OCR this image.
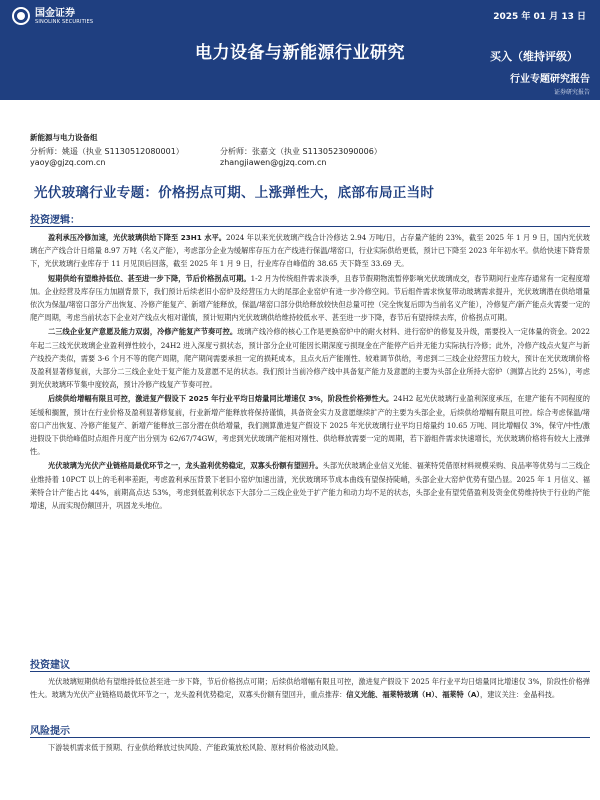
国金证券
SINOLINK SECURITIES	2025 年 01 月 13 日
电力设备与新能源行业研究	买入（维持评级）
行业专题研究报告
证券研究报告
新能源与电力设备组
分析师：姚遥（执业 S1130512080001）	分析师：张嘉文（执业 S1130523090006）
yaoy@gjzq.com.cn	zhangjiawen@gjzq.com.cn
光伏玻璃行业专题：价格拐点可期、上涨弹性大，底部布局正当时
投资逻辑：

盈利承压冷修加速，光伏玻璃供给下降至 23H1 水平。2024 年以来光伏玻璃产线合计冷修达 2.94 万吨/日，占存量产能的 23%，截至 2025 年 1 月 9 日，国内光伏玻璃在产产线合计日熔量 8.97 万吨（名义产能），考虑部分企业为缓解库存压力在产线进行保温/堵窑口，行业实际供给更低，预计已下降至 2023 年年初水平。供给快速下降背景下，光伏玻璃行业库存于 11 月见顶后回落，截至 2025 年 1 月 9 日，行业库存自峰值的 38.65 天下降至 33.69 天。

短期供给有望维持低位、甚至进一步下降，节后价格拐点可期。1-2 月为传统组件需求淡季，且春节假期物流暂停影响光伏玻璃成交，春节期间行业库存通常有一定程度增加。企业经营及库存压力加剧背景下，我们预计后续老旧小窑炉及经营压力大的尾部企业窑炉有进一步冷修空间。节后组件需求恢复带动玻璃需求提升，光伏玻璃潜在供给增量依次为保温/堵窑口部分产出恢复、冷修产能复产、新增产能释放，保温/堵窑口部分供给释放较快但总量可控（完全恢复后即为当前名义产能），冷修复产/新产能点火需要一定的爬产周期，考虑当前状态下企业对产线点火相对谨慎，预计短期内光伏玻璃供给维持较低水平、甚至进一步下降，春节后有望持续去库，价格拐点可期。

二三线企业复产意愿及能力双弱，冷修产能复产节奏可控。玻璃产线冷修的核心工作是更换窑炉中的耐火材料、进行窑炉的修复及升级，需要投入一定体量的资金。2022 年起二三线光伏玻璃企业盈利弹性较小，24H2 进入深度亏损状态，预计部分企业可能因长期深度亏损现金在产能停产后并无能力实际执行冷修；此外，冷修产线点火复产与新产线投产类似，需要 3-6 个月不等的爬产周期，爬产期间需要承担一定的损耗成本，且点火后产能刚性、较难调节供给，考虑到二三线企业经营压力较大，预计在光伏玻璃价格及盈利显著修复前，大部分二三线企业处于复产能力及意愿不足的状态。我们预计当前冷修产线中具备复产能力及意愿的主要为头部企业所持大窑炉（测算占比约 25%），考虑到光伏玻璃环节集中度较高，预计冷修产线复产节奏可控。

后续供给增幅有限且可控，激进复产假设下 2025 年行业平均日熔量同比增速仅 3%，阶段性价格弹性大。24H2 起光伏玻璃行业盈利深度承压，在建产能有不同程度的延缓和搁置，预计在行业价格及盈利显著修复前，行业新增产能释放将保持谨慎，具备资金实力及意愿继续扩产的主要为头部企业，后续供给增幅有限且可控。综合考虑保温/堵窑口产出恢复、冷修产能复产、新增产能释放三部分潜在供给增量，我们测算激进复产假设下 2025 年光伏玻璃行业平均日熔量约 10.65 万吨、同比增幅仅 3%，保守/中性/激进假设下供给峰值时点组件月度产出分别为 62/67/74GW，考虑到光伏玻璃产能相对刚性、供给释放需要一定的周期，若下游组件需求快速增长，光伏玻璃价格将有较大上涨弹性。

光伏玻璃为光伏产业链格局最优环节之一，龙头盈利优势稳定，双寡头份额有望回升。头部光伏玻璃企业信义光能、福莱特凭借原材料规模采购、良品率等优势与二三线企业维持着 10PCT 以上的毛利率差距，考虑盈利承压背景下老旧小窑炉加速出清，光伏玻璃环节成本曲线有望保持陡峭，头部企业大窑炉优势有望凸显。2025 年 1 月信义、福莱特合计产能占比 44%，前期高点达 53%，考虑到低盈利状态下大部分二三线企业处于扩产能力和动力均不足的状态，头部企业有望凭借盈利及资金优势维持快于行业的产能增速，从而实现份额回升，巩固龙头地位。

投资建议

光伏玻璃短期供给有望维持低位甚至进一步下降，节后价格拐点可期；后续供给增幅有限且可控，激进复产假设下 2025 年行业平均日熔量同比增速仅 3%，阶段性价格弹性大。玻璃为光伏产业链格局最优环节之一，龙头盈利优势稳定，双寡头份额有望回升，重点推荐：信义光能、福莱特玻璃（H）、福莱特（A），建议关注：金晶科技。

风险提示

下游装机需求低于预期、行业供给释放过快风险、产能政策放松风险、原材料价格波动风险。
